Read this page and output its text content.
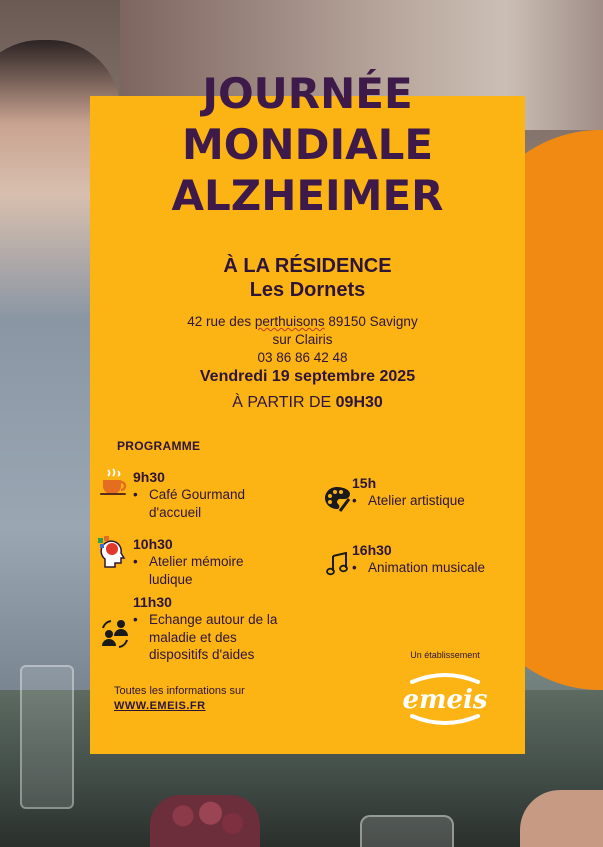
JOURNÉE
MONDIALE
ALZHEIMER
À LA RÉSIDENCE
Les Dornets
42 rue des perthuisons 89150 Savigny
sur Clairis
03 86 86 42 48
Vendredi 19 septembre 2025
À PARTIR DE 09H30
PROGRAMME
9h30
• Café Gourmand
d'accueil
10h30
• Atelier mémoire
ludique
11h30
• Echange autour de la
maladie et des
dispositifs d'aides
15h
• Atelier artistique
16h30
• Animation musicale
Toutes les informations sur
WWW.EMEIS.FR
Un établissement
emeis
